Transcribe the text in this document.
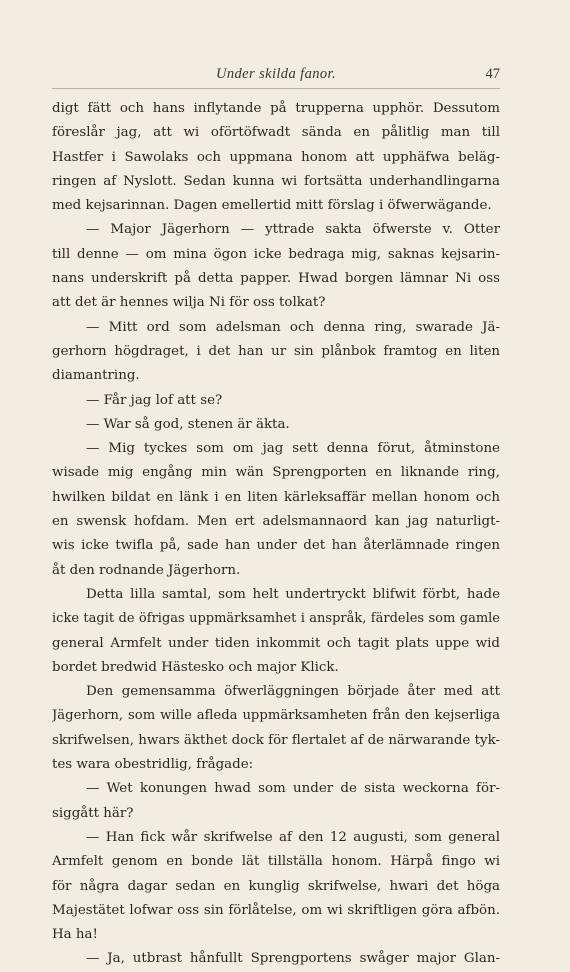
Under skilda fanor.	47
digt fätt och hans inflytande på trupperna upphör. Dessutom
föreslår jag, att wi oförtöfwadt sända en pålitlig man till
Hastfer i Sawolaks och uppmana honom att upphäfwa beläg-
ringen af Nyslott. Sedan kunna wi fortsätta underhandlingarna
med kejsarinnan. Dagen emellertid mitt förslag i öfwerwägande.
— Major Jägerhorn — yttrade sakta öfwerste v. Otter
till denne — om mina ögon icke bedraga mig, saknas kejsarin-
nans underskrift på detta papper. Hwad borgen lämnar Ni oss
att det är hennes wilja Ni för oss tolkat?
— Mitt ord som adelsman och denna ring, swarade Jä-
gerhorn högdraget, i det han ur sin plånbok framtog en liten
diamantring.
— Får jag lof att se?
— War så god, stenen är äkta.
— Mig tyckes som om jag sett denna förut, åtminstone
wisade mig engång min wän Sprengporten en liknande ring,
hwilken bildat en länk i en liten kärleksaffär mellan honom och
en swensk hofdam. Men ert adelsmannaord kan jag naturligt-
wis icke twifla på, sade han under det han återlämnade ringen
åt den rodnande Jägerhorn.
Detta lilla samtal, som helt undertryckt blifwit förbt, hade
icke tagit de öfrigas uppmärksamhet i anspråk, färdeles som gamle
general Armfelt under tiden inkommit och tagit plats uppe wid
bordet bredwid Hästesko och major Klick.
Den gemensamma öfwerläggningen började åter med att
Jägerhorn, som wille afleda uppmärksamheten från den kejserliga
skrifwelsen, hwars äkthet dock för flertalet af de närwarande tyk-
tes wara obestridlig, frågade:
— Wet konungen hwad som under de sista weckorna för-
siggått här?
— Han fick wår skrifwelse af den 12 augusti, som general
Armfelt genom en bonde lät tillställa honom. Härpå fingo wi
för några dagar sedan en kunglig skrifwelse, hwari det höga
Majestätet lofwar oss sin förlåtelse, om wi skriftligen göra afbön.
Ha ha!
— Ja, utbrast hånfullt Sprengportens swåger major Glan-
